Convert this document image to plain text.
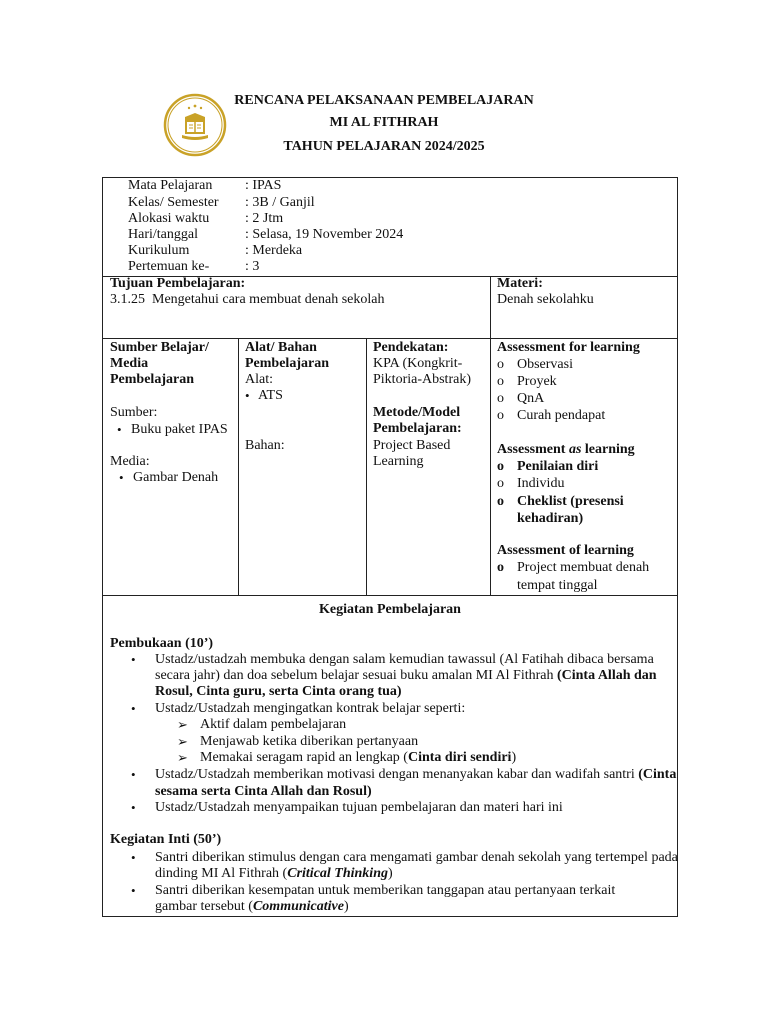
RENCANA PELAKSANAAN PEMBELAJARAN
MI AL FITHRAH
TAHUN PELAJARAN 2024/2025
Mata Pelajaran : IPAS
Kelas/ Semester : 3B / Ganjil
Alokasi waktu	: 2 Jtm
Hari/tanggal	: Selasa, 19 November 2024
Kurikulum	: Merdeka
Pertemuan ke-	: 3
Tujuan Pembelajaran:
3.1.25 Mengetahui cara membuat denah sekolah
Materi:
Denah sekolahku
Sumber Belajar/
Media
Pembelajaran
Sumber:
• Buku paket IPAS
Media:
• Gambar Denah
Alat/ Bahan
Pembelajaran
Alat:
• ATS
Bahan:
Pendekatan:
KPA (Kongkrit-
Piktoria-Abstrak)
Metode/Model
Pembelajaran:
Project Based
Learning
Assessment for learning
o Observasi
o Proyek
o QnA
o Curah pendapat
Assessment as learning
o Penilaian diri
o Individu
o Cheklist (presensi
kehadiran)
Assessment of learning
o Project membuat denah
tempat tinggal
Kegiatan Pembelajaran
Pembukaan (10’)
• Ustadz/ustadzah membuka dengan salam kemudian tawassul (Al Fatihah dibaca bersama
secara jahr) dan doa sebelum belajar sesuai buku amalan MI Al Fithrah (Cinta Allah dan
Rosul, Cinta guru, serta Cinta orang tua)
• Ustadz/Ustadzah mengingatkan kontrak belajar seperti:
➢ Aktif dalam pembelajaran
➢ Menjawab ketika diberikan pertanyaan
➢ Memakai seragam rapid an lengkap (Cinta diri sendiri)
• Ustadz/Ustadzah memberikan motivasi dengan menanyakan kabar dan wadifah santri (Cinta
sesama serta Cinta Allah dan Rosul)
• Ustadz/Ustadzah menyampaikan tujuan pembelajaran dan materi hari ini
Kegiatan Inti (50’)
• Santri diberikan stimulus dengan cara mengamati gambar denah sekolah yang tertempel pada
dinding MI Al Fithrah (Critical Thinking)
• Santri diberikan kesempatan untuk memberikan tanggapan atau pertanyaan terkait
gambar tersebut (Communicative)
